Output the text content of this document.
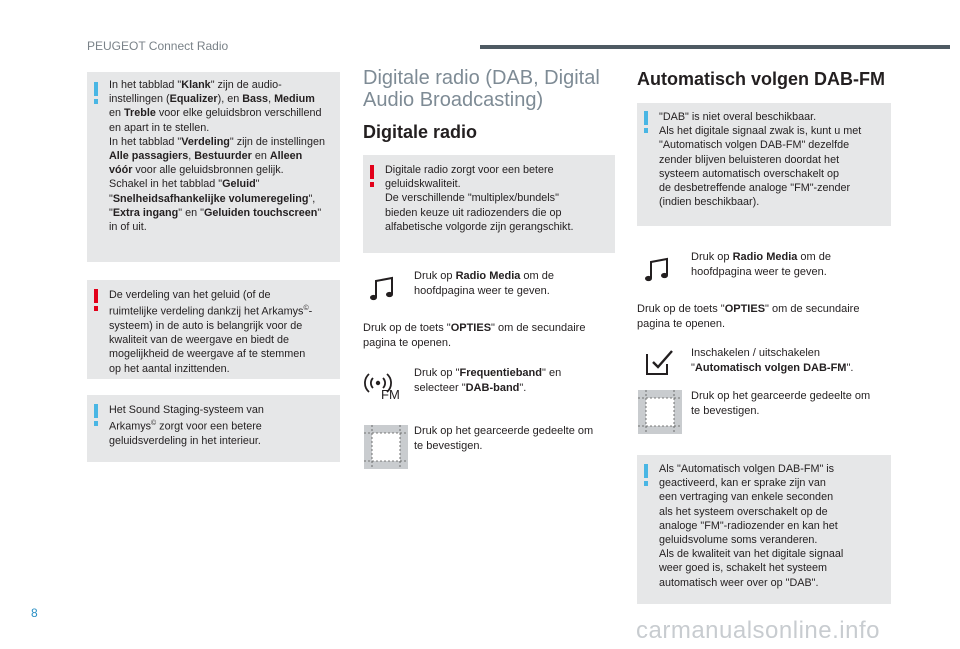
PEUGEOT Connect Radio
8
carmanualsonline.info

In het tabblad "Klank" zijn de audio-

instellingen (Equalizer), en Bass, Medium

en Treble voor elke geluidsbron verschillend

en apart in te stellen.

In het tabblad "Verdeling" zijn de instellingen

Alle passagiers, Bestuurder en Alleen

vóór voor alle geluidsbronnen gelijk.

Schakel in het tabblad "Geluid"

"Snelheidsafhankelijke volumeregeling",

"Extra ingang" en "Geluiden touchscreen"

in of uit.

De verdeling van het geluid (of de

ruimtelijke verdeling dankzij het Arkamys©-

systeem) in de auto is belangrijk voor de

kwaliteit van de weergave en biedt de

mogelijkheid de weergave af te stemmen

op het aantal inzittenden.

Het Sound Staging-systeem van

Arkamys© zorgt voor een betere

geluidsverdeling in het interieur.

Digitale radio (DAB, Digital
Audio Broadcasting)
Digitale radio

Digitale radio zorgt voor een betere

geluidskwaliteit.

De verschillende "multiplex/bundels"

bieden keuze uit radiozenders die op

alfabetische volgorde zijn gerangschikt.

Druk op Radio Media om de
hoofdpagina weer te geven.
Druk op de toets "OPTIES" om de secundaire
pagina te openen.
FM
Druk op "Frequentieband" en
selecteer "DAB-band".
Druk op het gearceerde gedeelte om
te bevestigen.
Automatisch volgen DAB-FM

"DAB" is niet overal beschikbaar.

Als het digitale signaal zwak is, kunt u met

"Automatisch volgen DAB-FM" dezelfde

zender blijven beluisteren doordat het

systeem automatisch overschakelt op

de desbetreffende analoge "FM"-zender

(indien beschikbaar).

Druk op Radio Media om de
hoofdpagina weer te geven.
Druk op de toets "OPTIES" om de secundaire
pagina te openen.
Inschakelen / uitschakelen
"Automatisch volgen DAB-FM".
Druk op het gearceerde gedeelte om
te bevestigen.

Als "Automatisch volgen DAB-FM" is

geactiveerd, kan er sprake zijn van

een vertraging van enkele seconden

als het systeem overschakelt op de

analoge "FM"-radiozender en kan het

geluidsvolume soms veranderen.

Als de kwaliteit van het digitale signaal

weer goed is, schakelt het systeem

automatisch weer over op "DAB".
